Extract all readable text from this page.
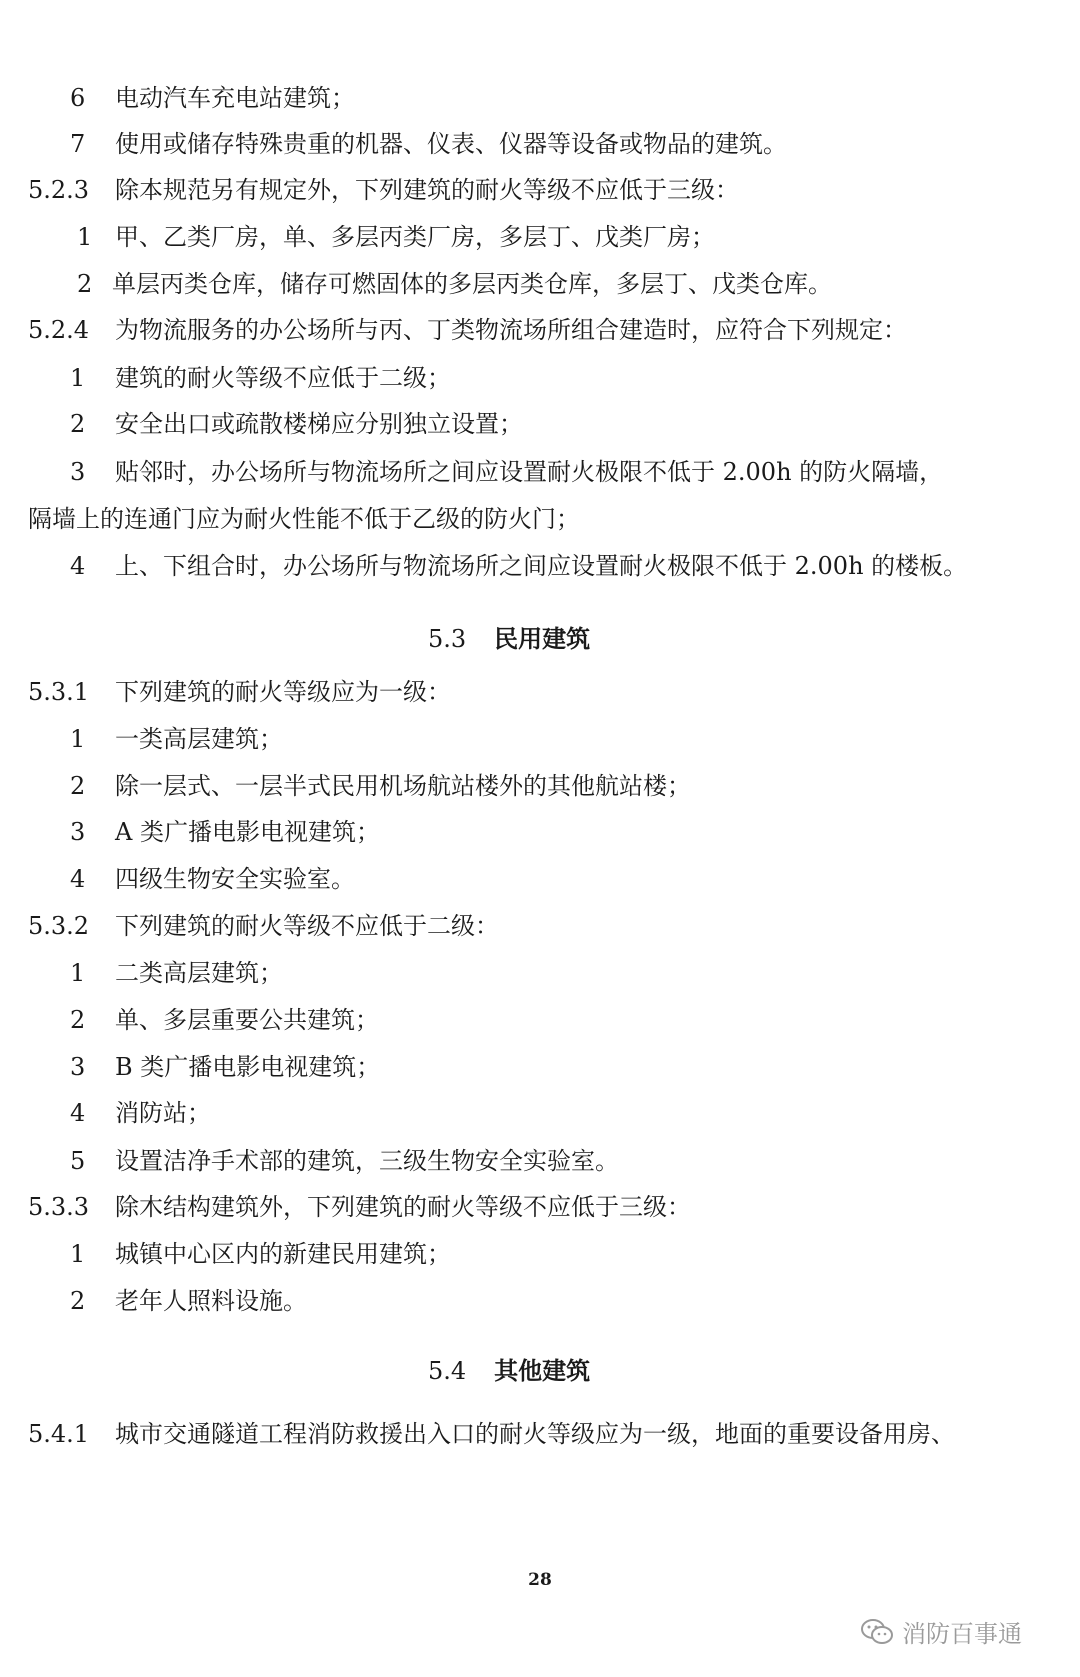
6 电动汽车充电站建筑；
7 使用或储存特殊贵重的机器、仪表、仪器等设备或物品的建筑。
5.2.3 除本规范另有规定外，下列建筑的耐火等级不应低于三级：
1 甲、乙类厂房，单、多层丙类厂房，多层丁、戊类厂房；
2 单层丙类仓库，储存可燃固体的多层丙类仓库，多层丁、戊类仓库。
5.2.4 为物流服务的办公场所与丙、丁类物流场所组合建造时，应符合下列规定：
1 建筑的耐火等级不应低于二级；
2 安全出口或疏散楼梯应分别独立设置；
3 贴邻时，办公场所与物流场所之间应设置耐火极限不低于 2.00h 的防火隔墙，
隔墙上的连通门应为耐火性能不低于乙级的防火门；
4 上、下组合时，办公场所与物流场所之间应设置耐火极限不低于 2.00h 的楼板。
5.3 民用建筑
5.3.1 下列建筑的耐火等级应为一级：
1 一类高层建筑；
2 除一层式、一层半式民用机场航站楼外的其他航站楼；
3 A 类广播电影电视建筑；
4 四级生物安全实验室。
5.3.2 下列建筑的耐火等级不应低于二级：
1 二类高层建筑；
2 单、多层重要公共建筑；
3 B 类广播电影电视建筑；
4 消防站；
5 设置洁净手术部的建筑，三级生物安全实验室。
5.3.3 除木结构建筑外，下列建筑的耐火等级不应低于三级：
1 城镇中心区内的新建民用建筑；
2 老年人照料设施。
5.4 其他建筑
5.4.1 城市交通隧道工程消防救援出入口的耐火等级应为一级，地面的重要设备用房、
28
消防百事通
